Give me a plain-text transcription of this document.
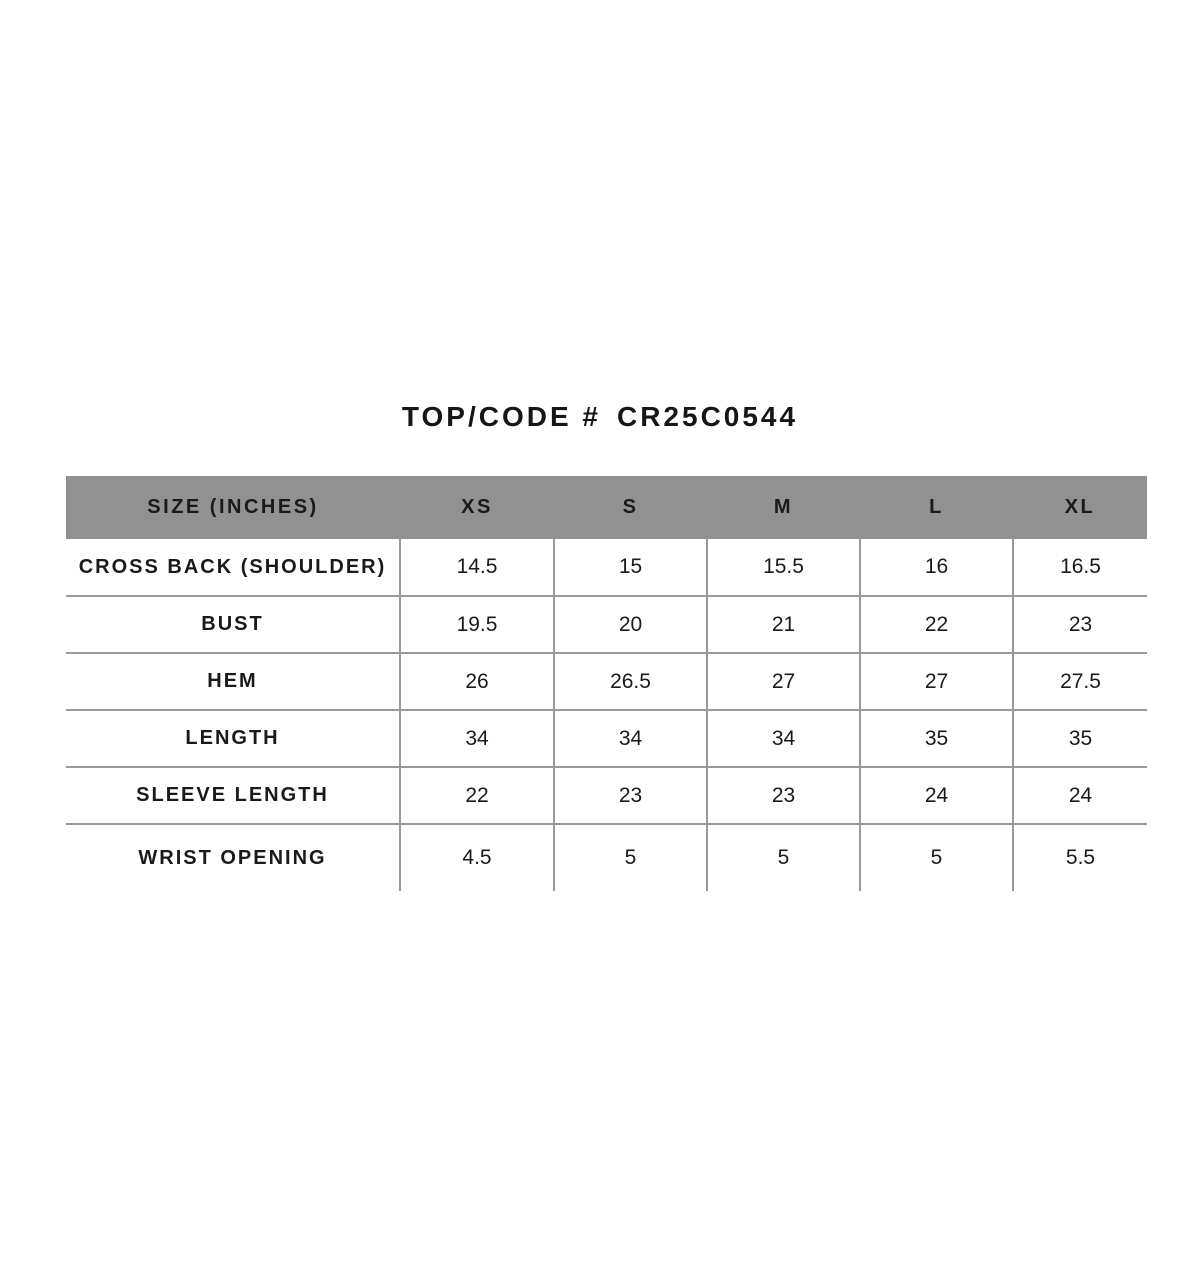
TOP/CODE # CR25C0544
SIZE (INCHES)	XS	S	M	L	XL
CROSS BACK (SHOULDER)	14.5	15	15.5	16	16.5
BUST	19.5	20	21	22	23
HEM	26	26.5	27	27	27.5
LENGTH	34	34	34	35	35
SLEEVE LENGTH	22	23	23	24	24
WRIST OPENING	4.5	5	5	5	5.5
